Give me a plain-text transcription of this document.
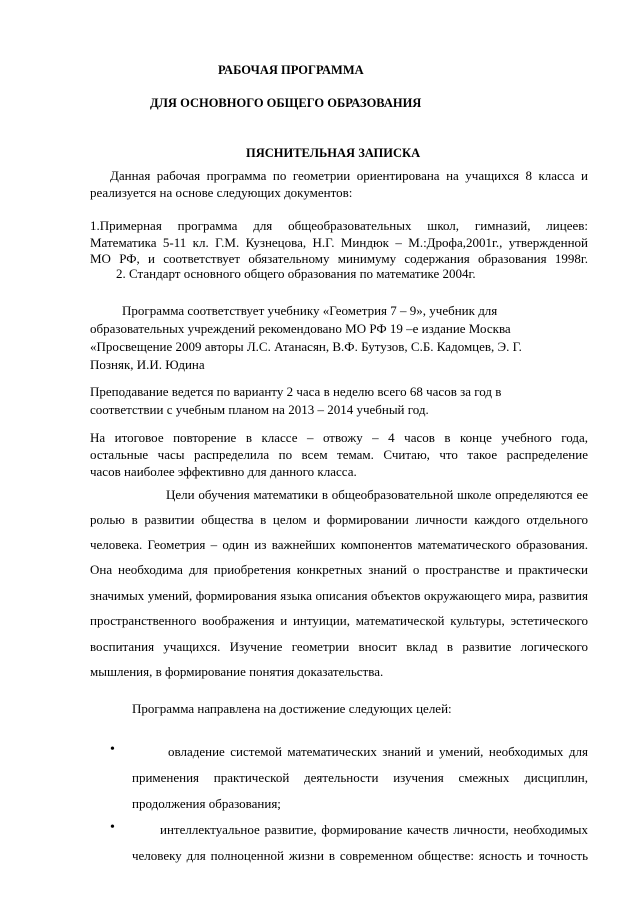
РАБОЧАЯ ПРОГРАММА
ДЛЯ ОСНОВНОГО ОБЩЕГО ОБРАЗОВАНИЯ
ПЯСНИТЕЛЬНАЯ ЗАПИСКА
Данная рабочая программа по геометрии ориентирована на учащихся 8 класса и
реализуется на основе следующих документов:
1.Примерная программа для общеобразовательных школ, гимназий, лицеев:
Математика 5-11 кл. Г.М. Кузнецова, Н.Г. Миндюк – М.:Дрофа,2001г., утвержденной
МО РФ, и соответствует обязательному минимуму содержания образования 1998г.
2. Стандарт основного общего образования по математике 2004г.
Программа соответствует учебнику «Геометрия 7 – 9», учебник для
образовательных учреждений рекомендовано МО РФ 19 –е издание Москва
«Просвещение 2009 авторы Л.С. Атанасян, В.Ф. Бутузов, С.Б. Кадомцев, Э. Г.
Позняк, И.И. Юдина
Преподавание ведется по варианту 2 часа в неделю всего 68 часов за год в
соответствии с учебным планом на 2013 – 2014 учебный год.
На итоговое повторение в классе – отвожу – 4 часов в конце учебного года,
остальные часы распределила по всем темам. Считаю, что такое распределение
часов наиболее эффективно для данного класса.
Цели обучения математики в общеобразовательной школе определяются ее
ролью в развитии общества в целом и формировании личности каждого отдельного
человека. Геометрия – один из важнейших компонентов математического образования.
Она необходима для приобретения конкретных знаний о пространстве и практически
значимых умений, формирования языка описания объектов окружающего мира, развития
пространственного воображения и интуиции, математической культуры, эстетического
воспитания учащихся. Изучение геометрии вносит вклад в развитие логического
мышления, в формирование понятия доказательства.
Программа направлена на достижение следующих целей:
•	овладение системой математических знаний и умений, необходимых для
применения практической деятельности изучения смежных дисциплин,
продолжения образования;
•	интеллектуальное развитие, формирование качеств личности, необходимых
человеку для полноценной жизни в современном обществе: ясность и точность
